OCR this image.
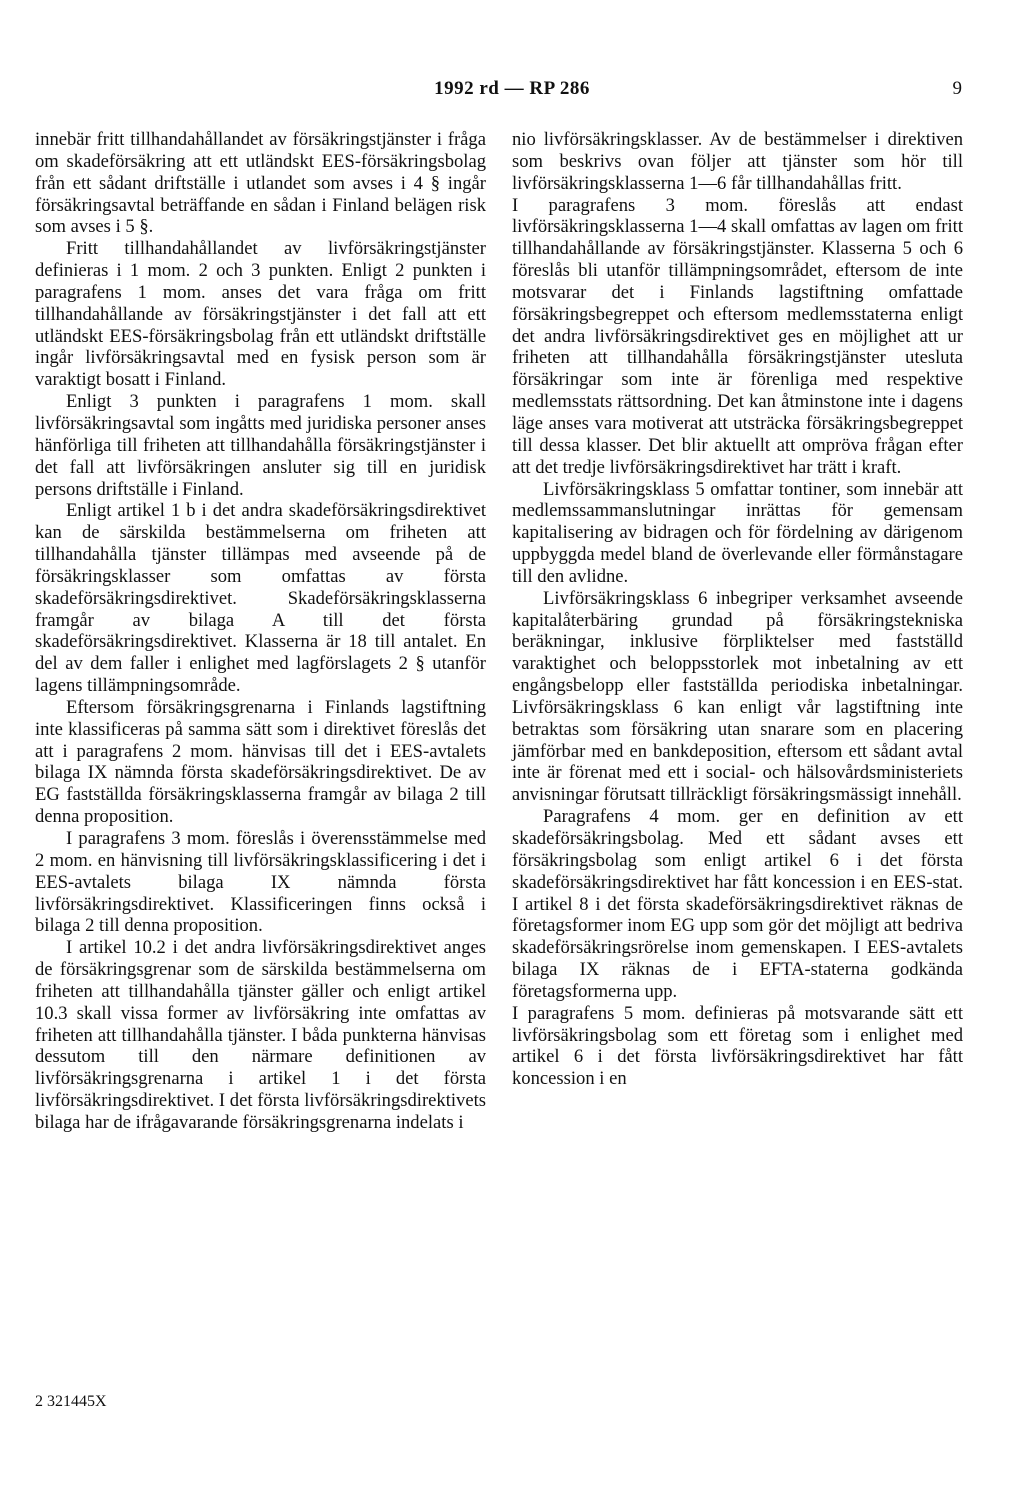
1992 rd — RP 286	9

innebär fritt tillhandahållandet av försäkringstjänster i fråga om skadeförsäkring att ett utländskt EES-försäkringsbolag från ett sådant driftställe i utlandet som avses i 4 § ingår försäkringsavtal beträffande en sådan i Finland belägen risk som avses i 5 §.

Fritt tillhandahållandet av livförsäkringstjänster definieras i 1 mom. 2 och 3 punkten. Enligt 2 punkten i paragrafens 1 mom. anses det vara fråga om fritt tillhandahållande av försäkringstjänster i det fall att ett utländskt EES-försäkringsbolag från ett utländskt driftställe ingår livförsäkringsavtal med en fysisk person som är varaktigt bosatt i Finland.

Enligt 3 punkten i paragrafens 1 mom. skall livförsäkringsavtal som ingåtts med juridiska personer anses hänförliga till friheten att tillhandahålla försäkringstjänster i det fall att livförsäkringen ansluter sig till en juridisk persons driftställe i Finland.

Enligt artikel 1 b i det andra skadeförsäkringsdirektivet kan de särskilda bestämmelserna om friheten att tillhandahålla tjänster tillämpas med avseende på de försäkringsklasser som omfattas av första skadeförsäkringsdirektivet. Skadeförsäkringsklasserna framgår av bilaga A till det första skadeförsäkringsdirektivet. Klasserna är 18 till antalet. En del av dem faller i enlighet med lagförslagets 2 § utanför lagens tillämpningsområde.

Eftersom försäkringsgrenarna i Finlands lagstiftning inte klassificeras på samma sätt som i direktivet föreslås det att i paragrafens 2 mom. hänvisas till det i EES-avtalets bilaga IX nämnda första skadeförsäkringsdirektivet. De av EG fastställda försäkringsklasserna framgår av bilaga 2 till denna proposition.

I paragrafens 3 mom. föreslås i överensstämmelse med 2 mom. en hänvisning till livförsäkringsklassificering i det i EES-avtalets bilaga IX nämnda första livförsäkringsdirektivet. Klassificeringen finns också i bilaga 2 till denna proposition.

I artikel 10.2 i det andra livförsäkringsdirektivet anges de försäkringsgrenar som de särskilda bestämmelserna om friheten att tillhandahålla tjänster gäller och enligt artikel 10.3 skall vissa former av livförsäkring inte omfattas av friheten att tillhandahålla tjänster. I båda punkterna hänvisas dessutom till den närmare definitionen av livförsäkringsgrenarna i artikel 1 i det första livförsäkringsdirektivet. I det första livförsäkringsdirektivets bilaga har de ifrågavarande försäkringsgrenarna indelats i

nio livförsäkringsklasser. Av de bestämmelser i direktiven som beskrivs ovan följer att tjänster som hör till livförsäkringsklasserna 1—6 får tillhandahållas fritt.

I paragrafens 3 mom. föreslås att endast livförsäkringsklasserna 1—4 skall omfattas av lagen om fritt tillhandahållande av försäkringstjänster. Klasserna 5 och 6 föreslås bli utanför tillämpningsområdet, eftersom de inte motsvarar det i Finlands lagstiftning omfattade försäkringsbegreppet och eftersom medlemsstaterna enligt det andra livförsäkringsdirektivet ges en möjlighet att ur friheten att tillhandahålla försäkringstjänster utesluta försäkringar som inte är förenliga med respektive medlemsstats rättsordning. Det kan åtminstone inte i dagens läge anses vara motiverat att utsträcka försäkringsbegreppet till dessa klasser. Det blir aktuellt att ompröva frågan efter att det tredje livförsäkringsdirektivet har trätt i kraft.

Livförsäkringsklass 5 omfattar tontiner, som innebär att medlemssammanslutningar inrättas för gemensam kapitalisering av bidragen och för fördelning av därigenom uppbyggda medel bland de överlevande eller förmånstagare till den avlidne.

Livförsäkringsklass 6 inbegriper verksamhet avseende kapitalåterbäring grundad på försäkringstekniska beräkningar, inklusive förpliktelser med fastställd varaktighet och beloppsstorlek mot inbetalning av ett engångsbelopp eller fastställda periodiska inbetalningar. Livförsäkringsklass 6 kan enligt vår lagstiftning inte betraktas som försäkring utan snarare som en placering jämförbar med en bankdeposition, eftersom ett sådant avtal inte är förenat med ett i social- och hälsovårdsministeriets anvisningar förutsatt tillräckligt försäkringsmässigt innehåll.

Paragrafens 4 mom. ger en definition av ett skadeförsäkringsbolag. Med ett sådant avses ett försäkringsbolag som enligt artikel 6 i det första skadeförsäkringsdirektivet har fått koncession i en EES-stat. I artikel 8 i det första skadeförsäkringsdirektivet räknas de företagsformer inom EG upp som gör det möjligt att bedriva skadeförsäkringsrörelse inom gemenskapen. I EES-avtalets bilaga IX räknas de i EFTA-staterna godkända företagsformerna upp.

I paragrafens 5 mom. definieras på motsvarande sätt ett livförsäkringsbolag som ett företag som i enlighet med artikel 6 i det första livförsäkringsdirektivet har fått koncession i en

2 321445X
